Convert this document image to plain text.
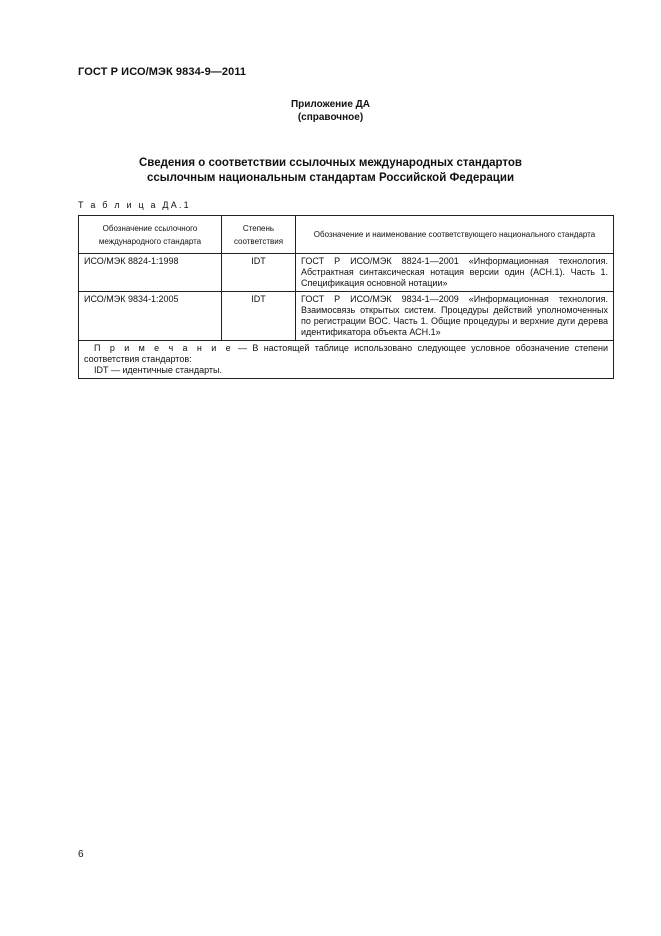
ГОСТ Р ИСО/МЭК 9834-9—2011
Приложение ДА
(справочное)
Сведения о соответствии ссылочных международных стандартов
ссылочным национальным стандартам Российской Федерации
Т а б л и ц а ДА.1
Обозначение ссылочного международного стандарта	Степень соответствия	Обозначение и наименование соответствующего национального стандарта
ИСО/МЭК 8824-1:1998	IDT	ГОСТ Р ИСО/МЭК 8824-1—2001 «Информационная технология. Абстрактная синтаксическая нотация версии один (АСН.1). Часть 1. Спецификация основной нотации»
ИСО/МЭК 9834-1:2005	IDT	ГОСТ Р ИСО/МЭК 9834-1—2009 «Информационная технология. Взаимосвязь открытых систем. Процедуры действий уполномоченных по регистрации ВОС. Часть 1. Общие процедуры и верхние дуги дерева идентификатора объекта АСН.1»

П р и м е ч а н и е — В настоящей таблице использовано следующее условное обозначение степени соответствия стандартов:

IDT — идентичные стандарты.		

6
